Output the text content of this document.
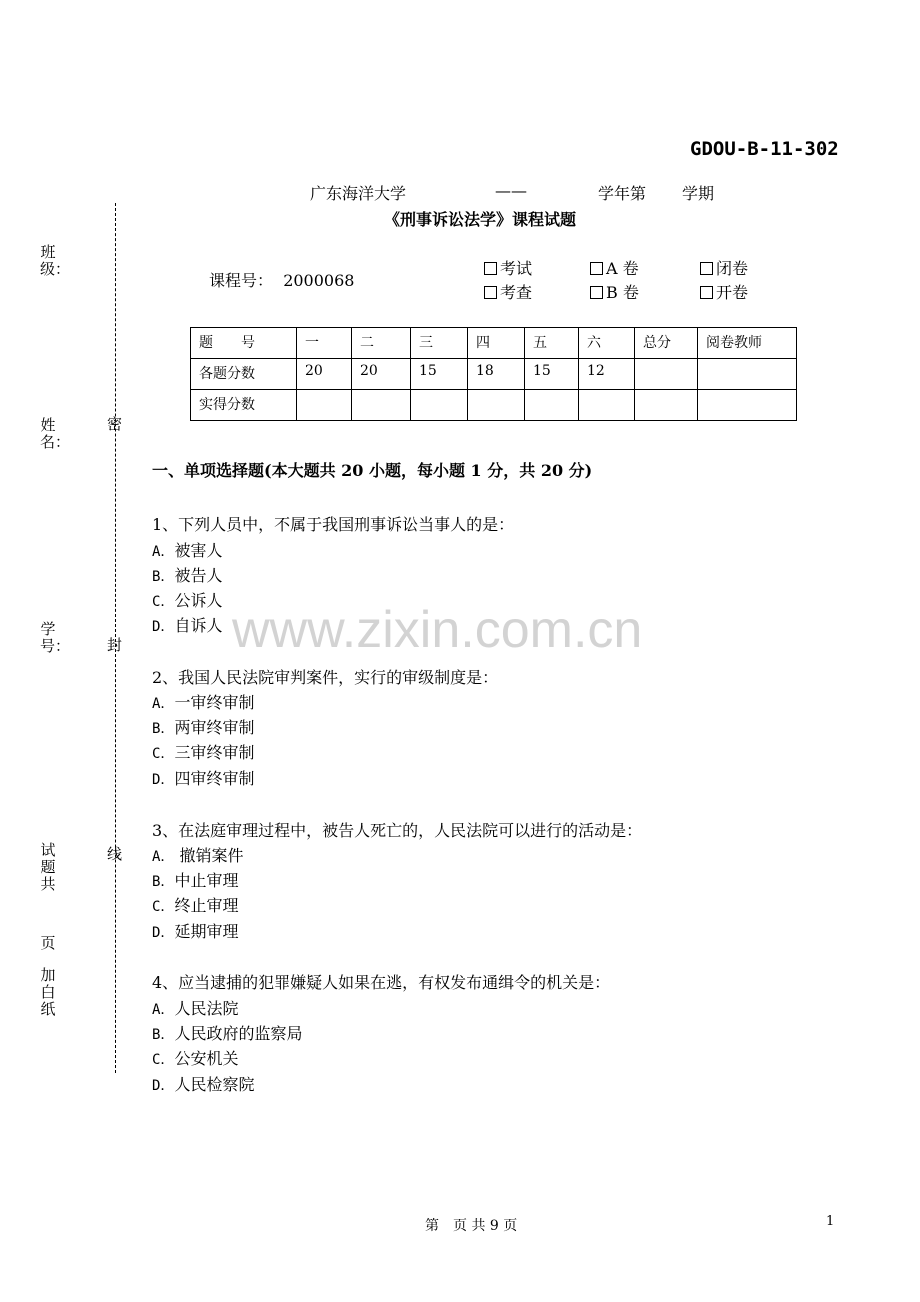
GDOU-B-11-302
广东海洋大学	——	学年第 学期
《刑事诉讼法学》课程试题
课程号： 2000068
考试	A 卷	闭卷
考查	B 卷	开卷
题　　号	一	二	三	四	五	六	总分	阅卷教师
各题分数	20	20	15	18	15	12		
实得分数								
一、单项选择题(本大题共 20 小题，每小题 1 分，共 20 分)
1、下列人员中，不属于我国刑事诉讼当事人的是：
A．被害人
B．被告人
C．公诉人
D．自诉人
2、我国人民法院审判案件，实行的审级制度是：
A．一审终审制
B．两审终审制
C．三审终审制
D．四审终审制
3、在法庭审理过程中，被告人死亡的，人民法院可以进行的活动是：
A． 撤销案件
B．中止审理
C．终止审理
D．延期审理
4、应当逮捕的犯罪嫌疑人如果在逃，有权发布通缉令的机关是：
A．人民法院
B．人民政府的监察局
C．公安机关
D．人民检察院
班级：
姓名：
学号：
试题共
页
加白纸
密
封
线
www.zixin.com.cn
第　页 共 9 页	1
